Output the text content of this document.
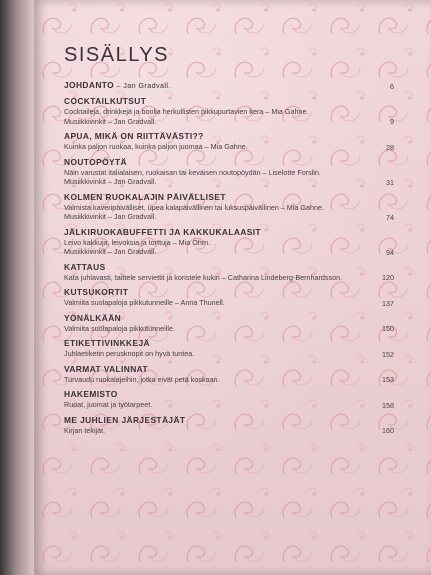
SISÄLLYS
JOHDANTO – Jan Gradvall.	6
COCKTAILKUTSUT
Cocktaileja, drinkkejä ja boolia herkullisten pikkupurtavien kera – Mia Gahne.
Musiikkivinkit – Jan Gradvall.	9
APUA, MIKÄ ON RIITTÄVÄSTI??
Kuinka paljon ruokaa, kuinka paljon juomaa – Mia Gahne.	28
NOUTOPÖYTÄ
Näin varustat italialaisen, ruokaisan tai keväisen noutopöydän – Liselotte Forslin.
Musiikkivinkit – Jan Gradvall.	31
KOLMEN RUOKALAJIN PÄIVÄLLISET
Valmista kaveripäivälliset, upea kalapäivällinen tai luksuspäivällinen – Mia Gahne.
Musiikkivinkit – Jan Gradvall.	74
JÄLKIRUOKABUFFETTI JA KAKKUKALAASIT
Leivo kakkuja, leivoksia ja torttuja – Mia Öhrn.
Musiikkivinkit – Jan Gradvall.	94
KATTAUS
Kata juhlavasti, taittele serviettit ja koristele kukin – Catharina Lindeberg-Bernhardsson.	120
KUTSUKORTIT
Valmiita suolapaloja pikkutunneille – Anna Thunell.	137
YÖNÄLKÄÄN
Valmiita suolapaloja pikkutunneille.	150
ETIKETTIVINKKEJÄ
Juhlaetiketin perusknopit on hyvä tuntea.	152
VARMAT VALINNAT
Turvaudu ruokalajeihin, jotka eivät petä koskaan.	153
HAKEMISTO
Ruoat, juomat ja työtarpeet.	158
ME JUHLIEN JÄRJESTÄJÄT
Kirjan tekijät.	160
